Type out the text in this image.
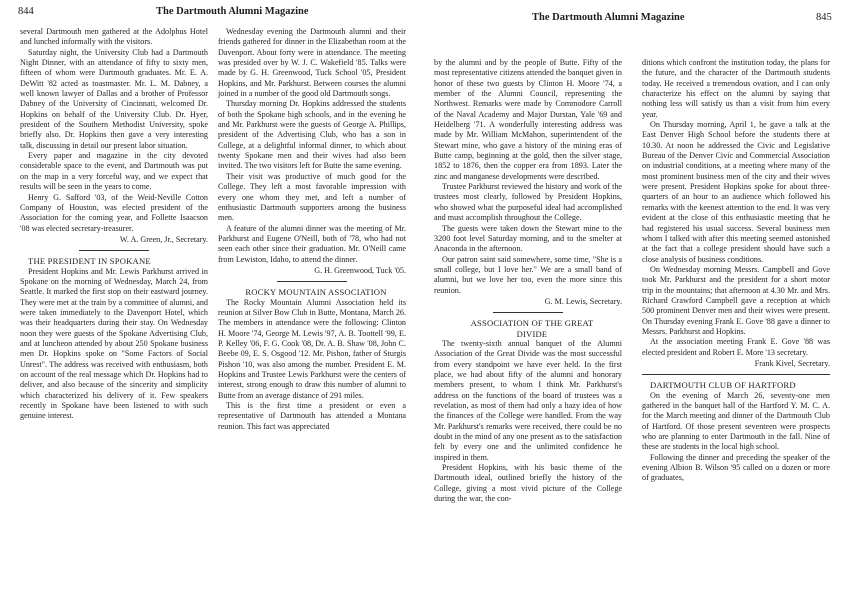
844	The Dartmouth Alumni Magazine

several Dartmouth men gathered at the Adolphus Hotel and lunched informally with the visitors.

Saturday night, the University Club had a Dartmouth Night Dinner, with an attendance of fifty to sixty men, fifteen of whom were Dartmouth graduates. Mr. E. A. DeWitt '82 acted as toastmaster. Mr. L. M. Dabney, a well known lawyer of Dallas and a brother of Professor Dabney of the University of Cincinnati, welcomed Dr. Hopkins on behalf of the University Club. Dr. Hyer, president of the Southern Methodist University, spoke briefly also. Dr. Hopkins then gave a very interesting talk, discussing in detail our present labor situation.

Every paper and magazine in the city devoted considerable space to the event, and Dartmouth was put on the map in a very forceful way, and we expect that results will be seen in the years to come.

Henry G. Safford '03, of the Weid-Neville Cotton Company of Houston, was elected president of the Association for the coming year, and Follette Isaacson '08 was elected secretary-treasurer.

W. A. Green, Jr., Secretary.

THE PRESIDENT IN SPOKANE

President Hopkins and Mr. Lewis Parkhurst arrived in Spokane on the morning of Wednesday, March 24, from Seattle. It marked the first stop on their eastward journey. They were met at the train by a committee of alumni, and were taken immediately to the Davenport Hotel, which was their headquarters during their stay. On Wednesday noon they were guests of the Spokane Advertising Club, and at luncheon attended by about 250 Spokane business men Dr. Hopkins spoke on "Some Factors of Social Unrest". The address was received with enthusiasm, both on account of the real message which Dr. Hopkins had to deliver, and also because of the sincerity and simplicity which characterized his delivery of it. Few speakers recently in Spokane have been listened to with such genuine interest.

Wednesday evening the Dartmouth alumni and their friends gathered for dinner in the Elizabethan room at the Davenport. About forty were in attendance. The meeting was presided over by W. J. C. Wakefield '85. Talks were made by G. H. Greenwood, Tuck School '05, President Hopkins, and Mr. Parkhurst. Between courses the alumni joined in a number of the good old Dartmouth songs.

Thursday morning Dr. Hopkins addressed the students of both the Spokane high schools, and in the evening he and Mr. Parkhurst were the guests of George A. Phillips, president of the Advertising Club, who has a son in College, at a delightful informal dinner, to which about twenty Spokane men and their wives had also been invited. The two visitors left for Butte the same evening.

Their visit was productive of much good for the College. They left a most favorable impression with every one whom they met, and left a number of enthusiastic Dartmouth supporters among the business men.

A feature of the alumni dinner was the meeting of Mr. Parkhurst and Eugene O'Neill, both of '78, who had not seen each other since their graduation. Mr. O'Neill came from Lewiston, Idaho, to attend the dinner.

G. H. Greenwood, Tuck '05.

ROCKY MOUNTAIN ASSOCIATION

The Rocky Mountain Alumni Association held its reunion at Silver Bow Club in Butte, Montana, March 26. The members in attendance were the following: Clinton H. Moore '74, George M. Lewis '97, A. B. Toottell '99, E. P. Kelley '06, F. G. Cook '08, Dr. A. B. Shaw '08, John C. Beebe 09, E. S. Osgood '12. Mr. Pishon, father of Sturgis Pishon '10, was also among the number. President E. M. Hopkins and Trustee Lewis Parkhurst were the centers of interest, strong enough to draw this number of alumni to Butte from an average distance of 291 miles.

This is the first time a president or even a representative of Dartmouth has attended a Montana reunion. This fact was appreciated

The Dartmouth Alumni Magazine	845

by the alumni and by the people of Butte. Fifty of the most representative citizens attended the banquet given in honor of these two guests by Clinton H. Moore '74, a member of the Alumni Council, representing the Northwest. Remarks were made by Commodore Carroll of the Naval Academy and Major Durstan, Yale '69 and Heidelberg '71. A wonderfully interesting address was made by Mr. William McMahon, superintendent of the Stewart mine, who gave a history of the mining eras of Butte camp, beginning at the gold, then the silver stage, 1852 to 1876, then the copper era from 1893. Later the zinc and manganese developments were described.

Trustee Parkhurst reviewed the history and work of the trustees most clearly, followed by President Hopkins, who showed what the purposeful ideal had accomplished and must accomplish throughout the College.

The guests were taken down the Stewart mine to the 3200 foot level Saturday morning, and to the smelter at Anaconda in the afternoon.

Our patron saint said somewhere, some time, "She is a small college, but I love her." We are a small band of alumni, but we love her too, even the more since this reunion.

G. M. Lewis, Secretary.

ASSOCIATION OF THE GREAT

DIVIDE

The twenty-sixth annual banquet of the Alumni Association of the Great Divide was the most successful from every standpoint we have ever held. In the first place, we had about fifty of the alumni and honorary members present, to whom I think Mr. Parkhurst's address on the functions of the board of trustees was a revelation, as most of them had only a hazy idea of how the finances of the College were handled. From the way Mr. Parkhurst's remarks were received, there could be no doubt in the mind of any one present as to the satisfaction felt by every one and the unlimited confidence he inspired in them.

President Hopkins, with his basic theme of the Dartmouth ideal, outlined briefly the history of the College, giving a most vivid picture of the College during the war, the con-

ditions which confront the institution today, the plans for the future, and the character of the Dartmouth students today. He received a tremendous ovation, and I can only characterize his effect on the alumni by saying that nothing less will satisfy us than a visit from him every year.

On Thursday morning, April 1, he gave a talk at the East Denver High School before the students there at 10.30. At noon he addressed the Civic and Legislative Bureau of the Denver Civic and Commercial Association on industrial conditions, at a meeting where many of the most prominent business men of the city and their wives were present. President Hopkins spoke for about three-quarters of an hour to an audience which followed his remarks with the keenest attention to the end. It was very evident at the close of this enthusiastic meeting that he had registered his usual success. Several business men whom I talked with after this meeting seemed astonished at the fact that a college president should have such a close analysis of business conditions.

On Wednesday morning Messrs. Campbell and Gove took Mr. Parkhurst and the president for a short motor trip in the mountains; that afternoon at 4.30 Mr. and Mrs. Richard Crawford Campbell gave a reception at which 500 prominent Denver men and their wives were present. On Thursday evening Frank E. Gove '88 gave a dinner to Messrs. Parkhurst and Hopkins.

At the association meeting Frank E. Gove '88 was elected president and Robert E. More '13 secretary.

Frank Kivel, Secretary.

DARTMOUTH CLUB OF HARTFORD

On the evening of March 26, seventy-one men gathered in the banquet hall of the Hartford Y. M. C. A. for the March meeting and dinner of the Dartmouth Club of Hartford. Of those present seventeen were prospects who are planning to enter Dartmouth in the fall. Nine of these are students in the local high school.

Following the dinner and preceding the speaker of the evening Albion B. Wilson '95 called on a dozen or more of graduates,
